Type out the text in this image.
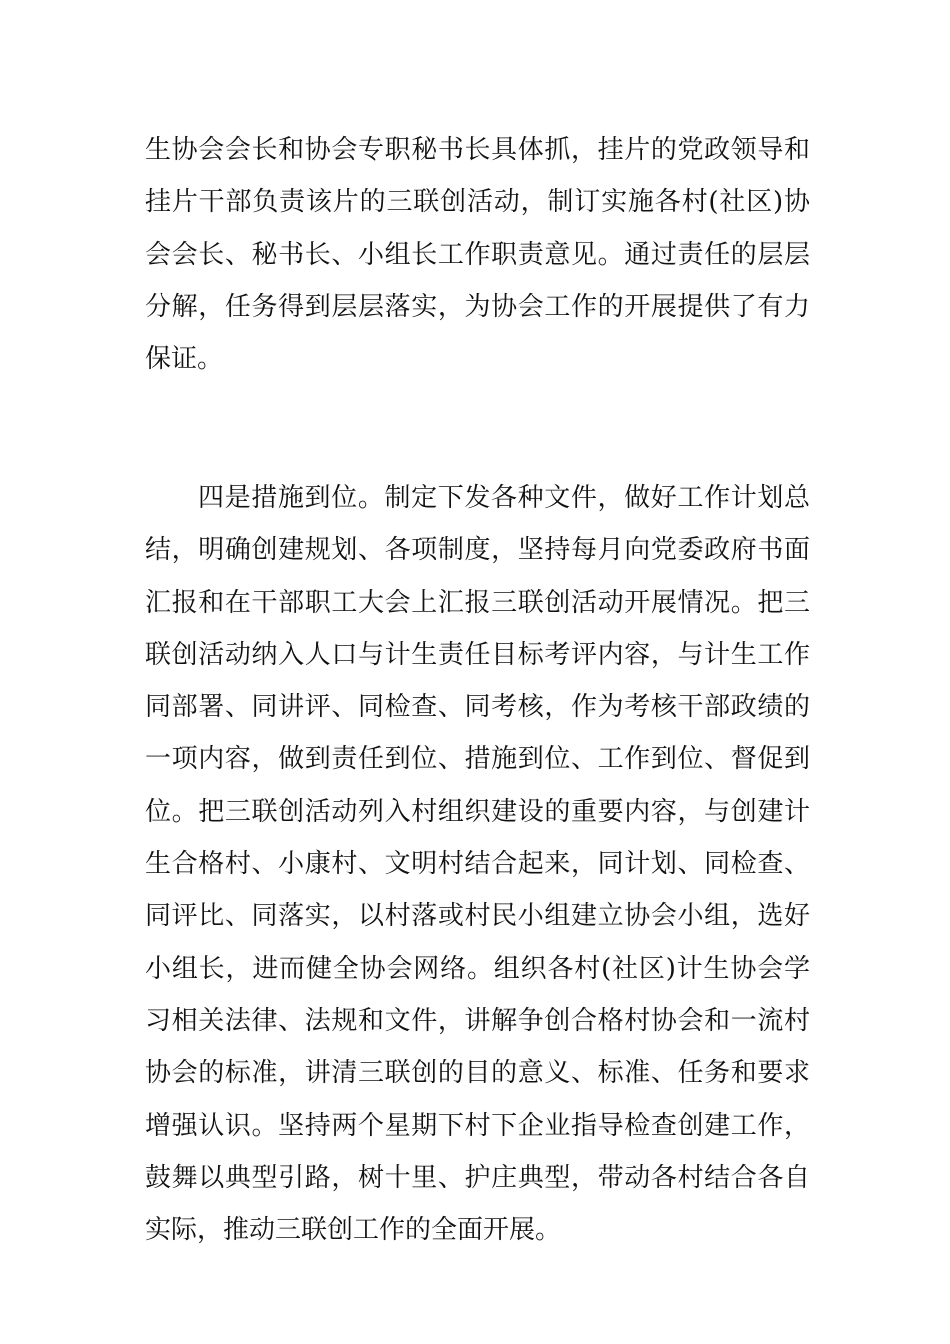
生协会会长和协会专职秘书长具体抓，挂片的党政领导和
挂片干部负责该片的三联创活动，制订实施各村(社区)协
会会长、秘书长、小组长工作职责意见。通过责任的层层
分解，任务得到层层落实，为协会工作的开展提供了有力
保证。
四是措施到位。制定下发各种文件，做好工作计划总
结，明确创建规划、各项制度，坚持每月向党委政府书面
汇报和在干部职工大会上汇报三联创活动开展情况。把三
联创活动纳入人口与计生责任目标考评内容，与计生工作
同部署、同讲评、同检查、同考核，作为考核干部政绩的
一项内容，做到责任到位、措施到位、工作到位、督促到
位。把三联创活动列入村组织建设的重要内容，与创建计
生合格村、小康村、文明村结合起来，同计划、同检查、
同评比、同落实，以村落或村民小组建立协会小组，选好
小组长，进而健全协会网络。组织各村(社区)计生协会学
习相关法律、法规和文件，讲解争创合格村协会和一流村
协会的标准，讲清三联创的目的意义、标准、任务和要求
增强认识。坚持两个星期下村下企业指导检查创建工作，
鼓舞以典型引路，树十里、护庄典型，带动各村结合各自
实际，推动三联创工作的全面开展。
